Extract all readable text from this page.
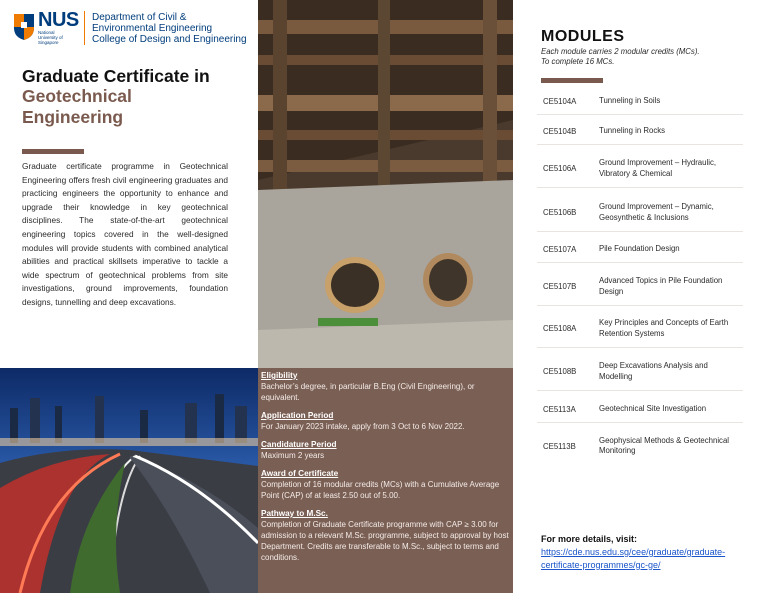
NUS
National University of Singapore
Department of Civil &
Environmental Engineering
College of Design and Engineering
Graduate Certificate in
Geotechnical Engineering
Graduate certificate programme in Geotechnical Engineering offers fresh civil engineering graduates and practicing engineers the opportunity to enhance and upgrade their knowledge in key geotechnical disciplines. The state-of-the-art geotechnical engineering topics covered in the well-designed modules will provide students with combined analytical abilities and practical skillsets imperative to tackle a wide spectrum of geotechnical problems from site investigations, ground improvements, foundation designs, tunnelling and deep excavations.
Eligibility
Bachelor’s degree, in particular B.Eng (Civil Engineering), or equivalent.
Application Period
For January 2023 intake, apply from 3 Oct to 6 Nov 2022.
Candidature Period
Maximum 2 years
Award of Certificate
Completion of 16 modular credits (MCs) with a Cumulative Average Point (CAP) of at least 2.50 out of 5.00.
Pathway to M.Sc.
Completion of Graduate Certificate programme with CAP ≥ 3.00 for admission to a relevant M.Sc. programme, subject to approval by host Department. Credits are transferable to M.Sc., subject to terms and conditions.
MODULES
Each module carries 2 modular credits (MCs).
To complete 16 MCs.
CE5104A	Tunneling in Soils
CE5104B	Tunneling in Rocks
CE5106A
Ground Improvement – Hydraulic, Vibratory & Chemical
CE5106B
Ground Improvement – Dynamic, Geosynthetic & Inclusions
CE5107A	Pile Foundation Design
CE5107B
Advanced Topics in Pile Foundation Design
CE5108A
Key Principles and Concepts of Earth Retention Systems
CE5108B
Deep Excavations Analysis and Modelling
CE5113A	Geotechnical Site Investigation
CE5113B
Geophysical Methods & Geotechnical Monitoring
For more details, visit:
https://cde.nus.edu.sg/cee/graduate/graduate-certificate-programmes/gc-ge/
